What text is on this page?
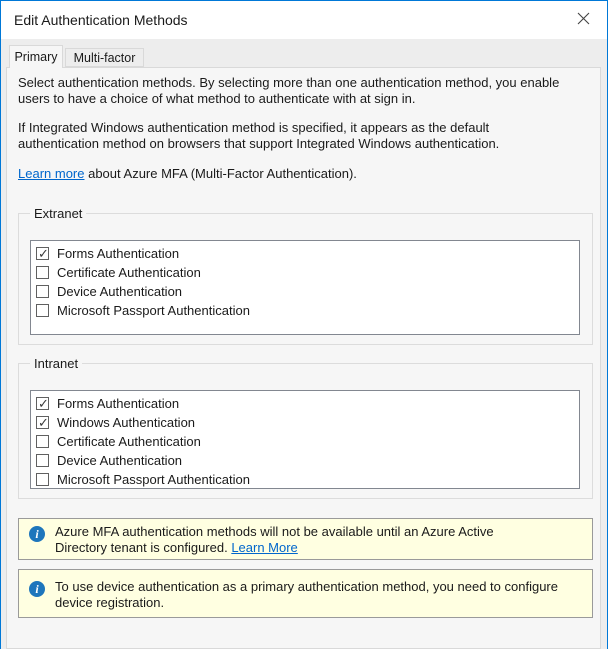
Edit Authentication Methods
Primary	Multi-factor
Select authentication methods. By selecting more than one authentication method, you enable
users to have a choice of what method to authenticate with at sign in.
If Integrated Windows authentication method is specified, it appears as the default
authentication method on browsers that support Integrated Windows authentication.
Learn more about Azure MFA (Multi-Factor Authentication).
Extranet
✓
Forms Authentication
Certificate Authentication
Device Authentication
Microsoft Passport Authentication
Intranet
✓
Forms Authentication
✓
Windows Authentication
Certificate Authentication
Device Authentication
Microsoft Passport Authentication
i	Azure MFA authentication methods will not be available until an Azure Active
Directory tenant is configured. Learn More
i	To use device authentication as a primary authentication method, you need to configure
device registration.
